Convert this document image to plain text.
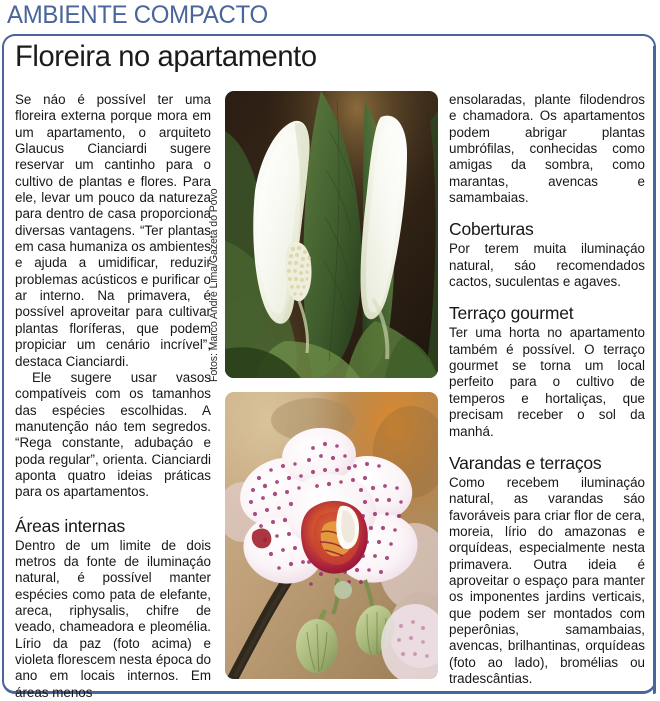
AMBIENTE COMPACTO
Floreira no apartamento

Se náo é possível ter uma floreira externa porque mora em um apartamento, o arquiteto Glaucus Cianciardi sugere reservar um cantinho para o cultivo de plantas e flores. Para ele, levar um pouco da natureza para dentro de casa proporciona diversas vantagens. “Ter plantas em casa humaniza os ambientes e ajuda a umidificar, reduzir problemas acústicos e purificar o ar interno. Na primavera, é possível aproveitar para cultivar plantas floríferas, que podem propiciar um cenário incrível”, destaca Cianciardi.

Ele sugere usar vasos compatíveis com os tamanhos das espécies escolhidas. A manutenção náo tem segredos. “Rega constante, adubaçáo e poda regular”, orienta. Cianciardi aponta quatro ideias práticas para os apartamentos.

Áreas internas

Dentro de um limite de dois metros da fonte de iluminaçáo natural, é possível manter espécies como pata de elefante, areca, riphysalis, chifre de veado, chameadora e pleomélia. Lírio da paz (foto acima) e violeta florescem nesta época do ano em locais internos. Em áreas menos

Fotos: Marco André Lima/Gazeta do Povo

ensolaradas, plante filodendros e chamadora. Os apartamentos podem abrigar plantas umbrófilas, conhecidas como amigas da sombra, como marantas, avencas e samambaias.

Coberturas

Por terem muita iluminaçáo natural, sáo recomendados cactos, suculentas e agaves.

Terraço gourmet

Ter uma horta no apartamento também é possível. O terraço gourmet se torna um local perfeito para o cultivo de temperos e hortaliças, que precisam receber o sol da manhá.

Varandas e terraços

Como recebem iluminaçáo natural, as varandas sáo favoráveis para criar flor de cera, moreia, lírio do amazonas e orquídeas, especialmente nesta primavera. Outra ideia é aproveitar o espaço para manter os imponentes jardins verticais, que podem ser montados com peperônias, samambaias, avencas, brilhantinas, orquídeas (foto ao lado), bromélias ou tradescântias.
